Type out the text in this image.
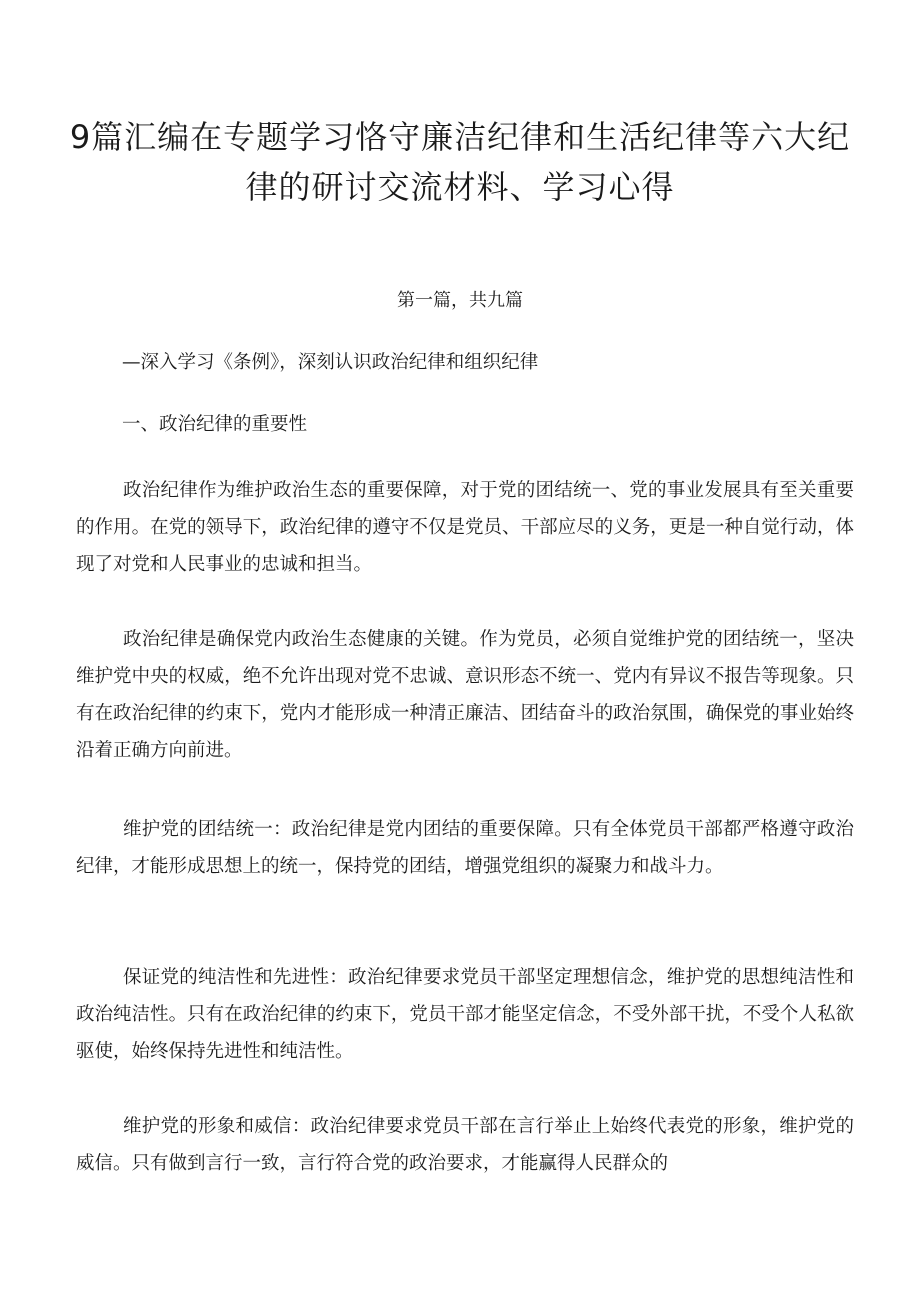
9篇汇编在专题学习恪守廉洁纪律和生活纪律等六大纪律的研讨交流材料、学习心得

第一篇，共九篇

—深入学习《条例》，深刻认识政治纪律和组织纪律

一、政治纪律的重要性

政治纪律作为维护政治生态的重要保障，对于党的团结统一、党的事业发展具有至关重要的作用。在党的领导下，政治纪律的遵守不仅是党员、干部应尽的义务，更是一种自觉行动，体现了对党和人民事业的忠诚和担当。

政治纪律是确保党内政治生态健康的关键。作为党员，必须自觉维护党的团结统一，坚决维护党中央的权威，绝不允许出现对党不忠诚、意识形态不统一、党内有异议不报告等现象。只有在政治纪律的约束下，党内才能形成一种清正廉洁、团结奋斗的政治氛围，确保党的事业始终沿着正确方向前进。

维护党的团结统一：政治纪律是党内团结的重要保障。只有全体党员干部都严格遵守政治纪律，才能形成思想上的统一，保持党的团结，增强党组织的凝聚力和战斗力。

保证党的纯洁性和先进性：政治纪律要求党员干部坚定理想信念，维护党的思想纯洁性和政治纯洁性。只有在政治纪律的约束下，党员干部才能坚定信念，不受外部干扰，不受个人私欲驱使，始终保持先进性和纯洁性。

维护党的形象和威信：政治纪律要求党员干部在言行举止上始终代表党的形象，维护党的威信。只有做到言行一致，言行符合党的政治要求，才能赢得人民群众的
